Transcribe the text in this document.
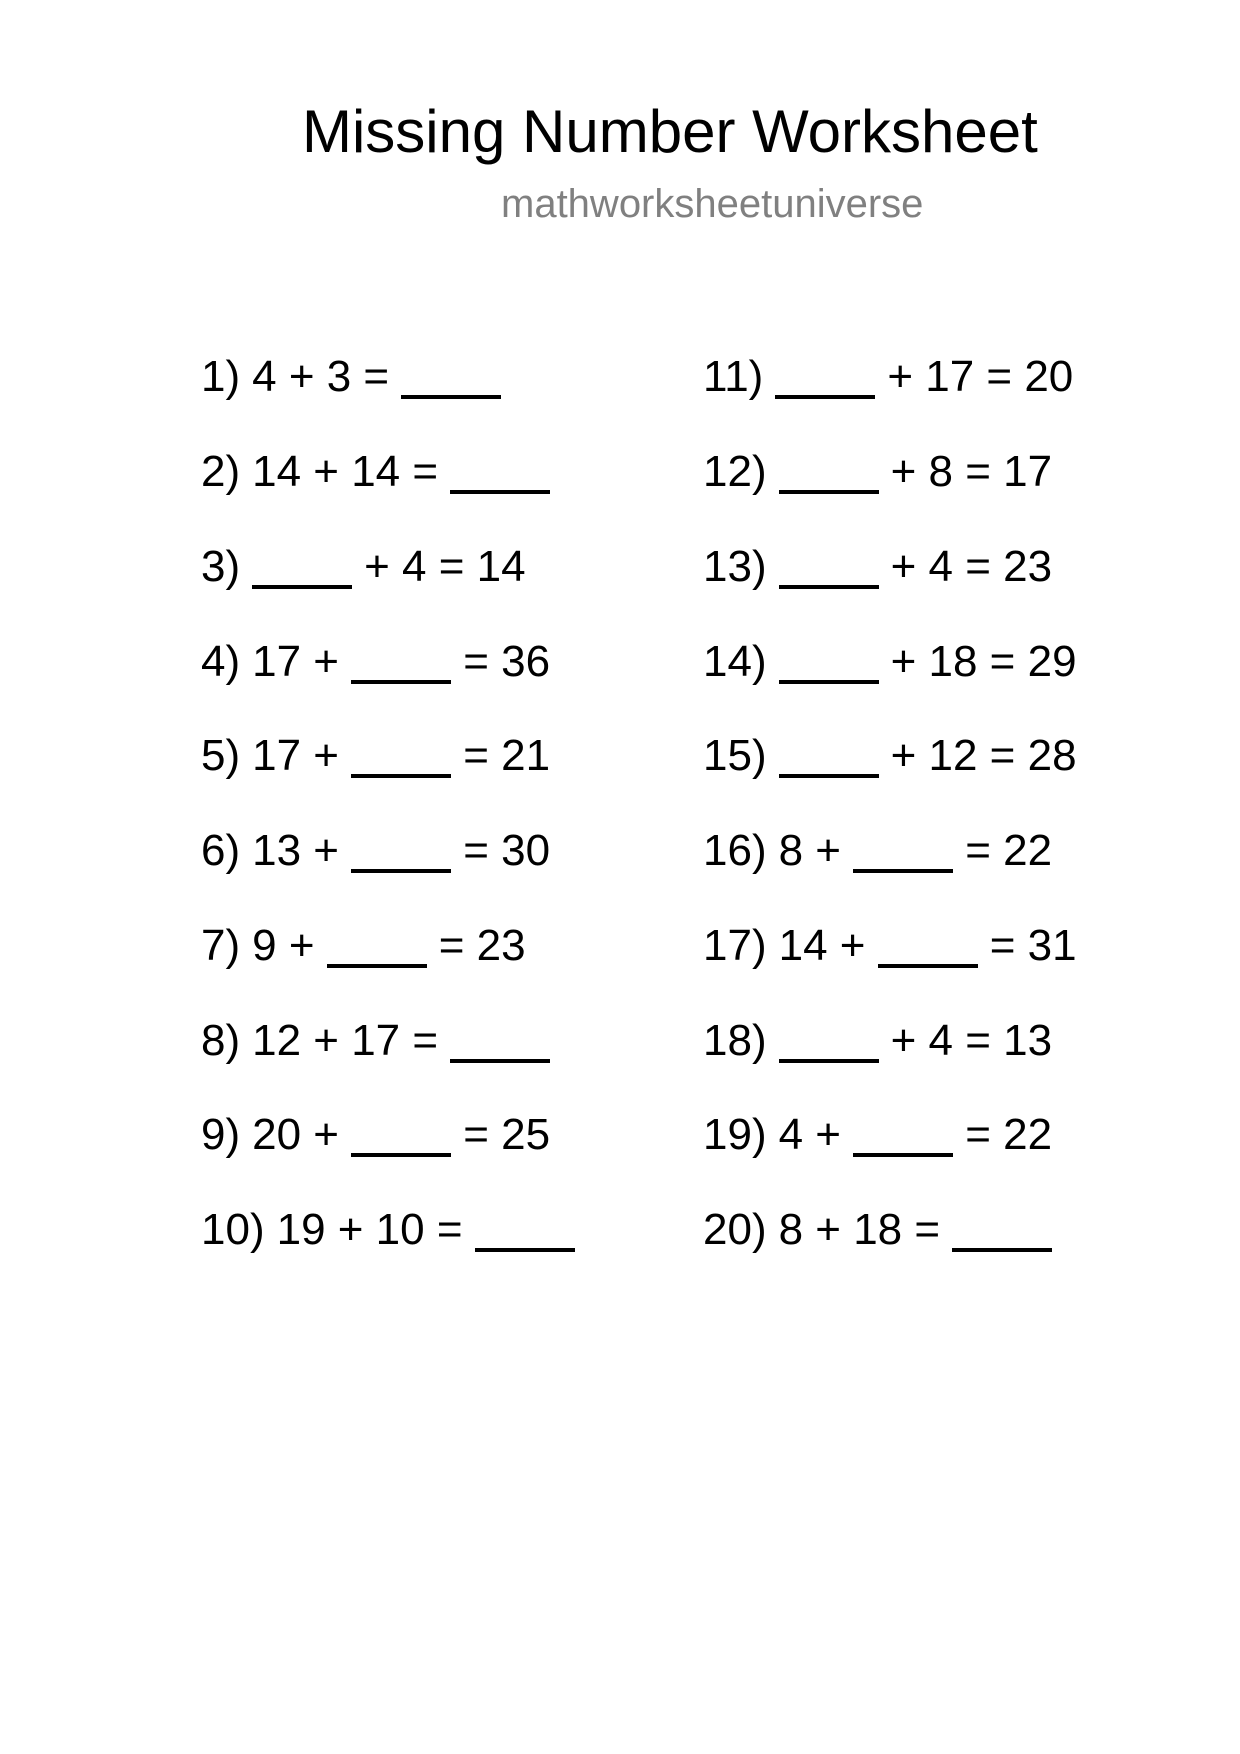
Missing Number Worksheet
mathworksheetuniverse
1) 4 + 3 =
2) 14 + 14 =
3)	+ 4 = 14
4) 17 +	= 36
5) 17 +	= 21
6) 13 +	= 30
7) 9 +	= 23
8) 12 + 17 =
9) 20 +	= 25
10) 19 + 10 =
11)	+ 17 = 20
12)	+ 8 = 17
13)	+ 4 = 23
14)	+ 18 = 29
15)	+ 12 = 28
16) 8 +	= 22
17) 14 +	= 31
18)	+ 4 = 13
19) 4 +	= 22
20) 8 + 18 =
